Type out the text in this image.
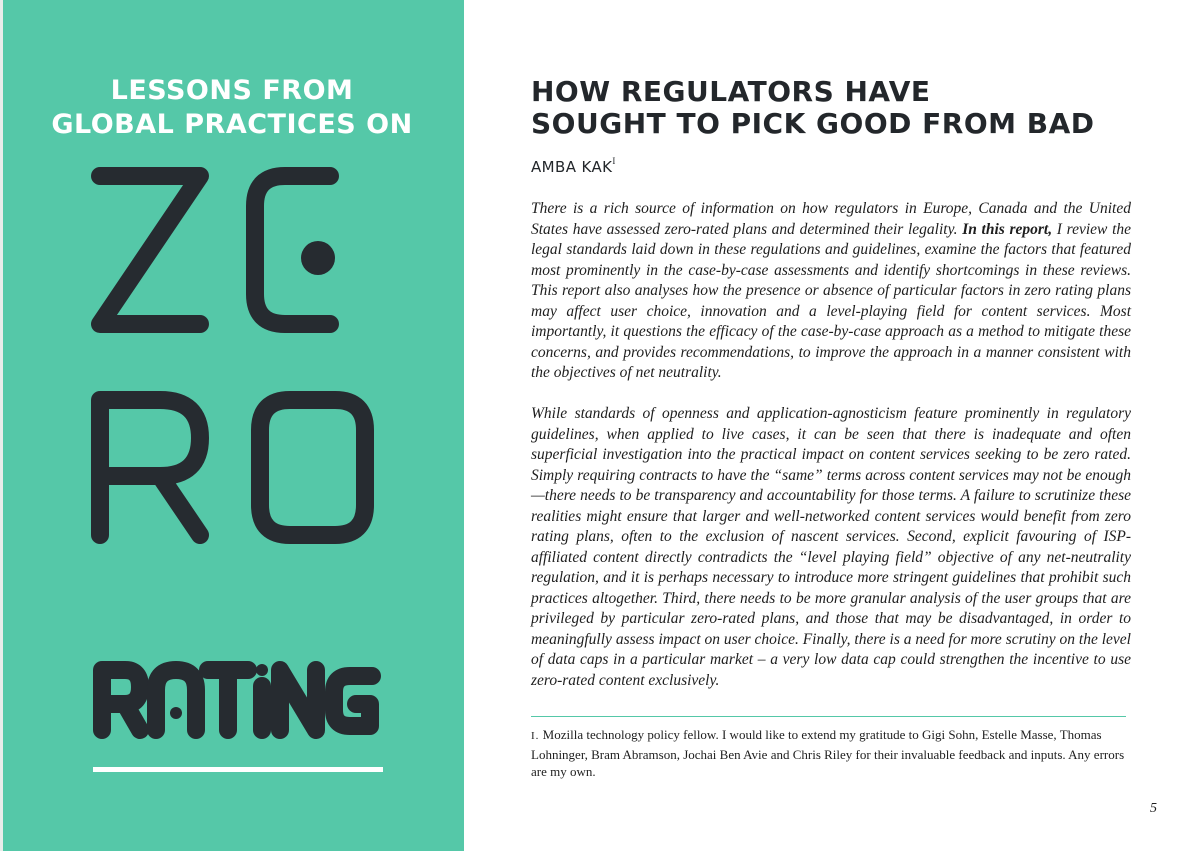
LESSONS FROM
GLOBAL PRACTICES ON
HOW REGULATORS HAVE
SOUGHT TO PICK GOOD FROM BAD
AMBA $KAK^I$

There is a rich source of information on how regulators in Europe, Canada and the United States have assessed zero-rated plans and determined their legality. In this report, I review the legal standards laid down in these regulations and guidelines, examine the factors that featured most prominently in the case-by-case assessments and identify shortcomings in these reviews. This report also analyses how the presence or absence of particular factors in zero rating plans may affect user choice, innovation and a level-playing field for content services. Most importantly, it questions the efficacy of the case-by-case approach as a method to mitigate these concerns, and provides recommendations, to improve the approach in a manner consistent with the objectives of net neutrality.

While standards of openness and application-agnosticism feature prominently in regulatory guidelines, when applied to live cases, it can be seen that there is inadequate and often superficial investigation into the practical impact on content services seeking to be zero rated. Simply requiring contracts to have the “same” terms across content services may not be enough—there needs to be transparency and accountability for those terms. A failure to scrutinize these realities might ensure that larger and well-networked content services would benefit from zero rating plans, often to the exclusion of nascent services. Second, explicit favouring of ISP-affiliated content directly contradicts the “level playing field” objective of any net-neutrality regulation, and it is perhaps necessary to introduce more stringent guidelines that prohibit such practices altogether. Third, there needs to be more granular analysis of the user groups that are privileged by particular zero-rated plans, and those that may be disadvantaged, in order to meaningfully assess impact on user choice. Finally, there is a need for more scrutiny on the level of data caps in a particular market – a very low data cap could strengthen the incentive to use zero-rated content exclusively.

I. Mozilla technology policy fellow. I would like to extend my gratitude to Gigi Sohn, Estelle Masse, Thomas Lohninger, Bram Abramson, Jochai Ben Avie and Chris Riley for their invaluable feedback and inputs. Any errors are my own.

5
